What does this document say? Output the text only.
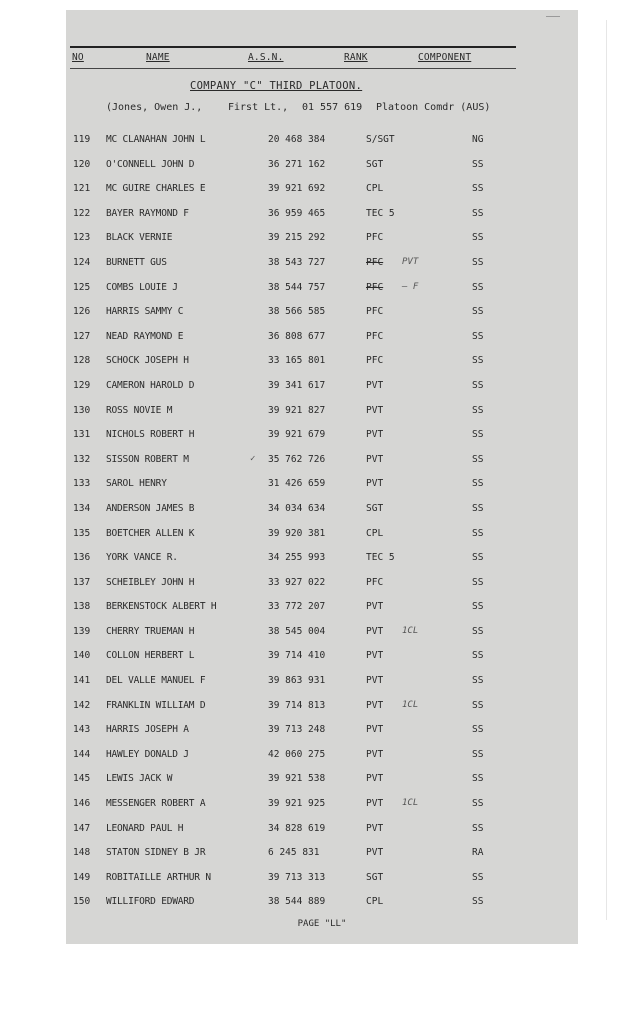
NO	NAME	A.S.N.	RANK	COMPONENT
COMPANY "C" THIRD PLATOON.
(Jones, Owen J.,	First Lt., 01 557 619 Platoon Comdr (AUS)
119 MC CLANAHAN JOHN L	20 468 384	S/SGT	NG
120 O'CONNELL JOHN D	36 271 162	SGT	SS
121 MC GUIRE CHARLES E	39 921 692	CPL	SS
122 BAYER RAYMOND F	36 959 465	TEC 5	SS
123 BLACK VERNIE	39 215 292	PFC	SS
124 BURNETT GUS	38 543 727	PFC PVT	SS
125 COMBS LOUIE J	38 544 757	PFC — F	SS
126 HARRIS SAMMY C	38 566 585	PFC	SS
127 NEAD RAYMOND E	36 808 677	PFC	SS
128 SCHOCK JOSEPH H	33 165 801	PFC	SS
129 CAMERON HAROLD D	39 341 617	PVT	SS
130 ROSS NOVIE M	39 921 827	PVT	SS
131 NICHOLS ROBERT H	39 921 679	PVT	SS
132 SISSON ROBERT M	✓ 35 762 726	PVT	SS
133 SAROL HENRY	31 426 659	PVT	SS
134 ANDERSON JAMES B	34 034 634	SGT	SS
135 BOETCHER ALLEN K	39 920 381	CPL	SS
136 YORK VANCE R.	34 255 993	TEC 5	SS
137 SCHEIBLEY JOHN H	33 927 022	PFC	SS
138 BERKENSTOCK ALBERT H	33 772 207	PVT	SS
139 CHERRY TRUEMAN H	38 545 004	PVT 1CL	SS
140 COLLON HERBERT L	39 714 410	PVT	SS
141 DEL VALLE MANUEL F	39 863 931	PVT	SS
142 FRANKLIN WILLIAM D	39 714 813	PVT 1CL	SS
143 HARRIS JOSEPH A	39 713 248	PVT	SS
144 HAWLEY DONALD J	42 060 275	PVT	SS
145 LEWIS JACK W	39 921 538	PVT	SS
146 MESSENGER ROBERT A	39 921 925	PVT 1CL	SS
147 LEONARD PAUL H	34 828 619	PVT	SS
148 STATON SIDNEY B JR	6 245 831	PVT	RA
149 ROBITAILLE ARTHUR N	39 713 313	SGT	SS
150 WILLIFORD EDWARD	38 544 889	CPL	SS
PAGE "LL"
